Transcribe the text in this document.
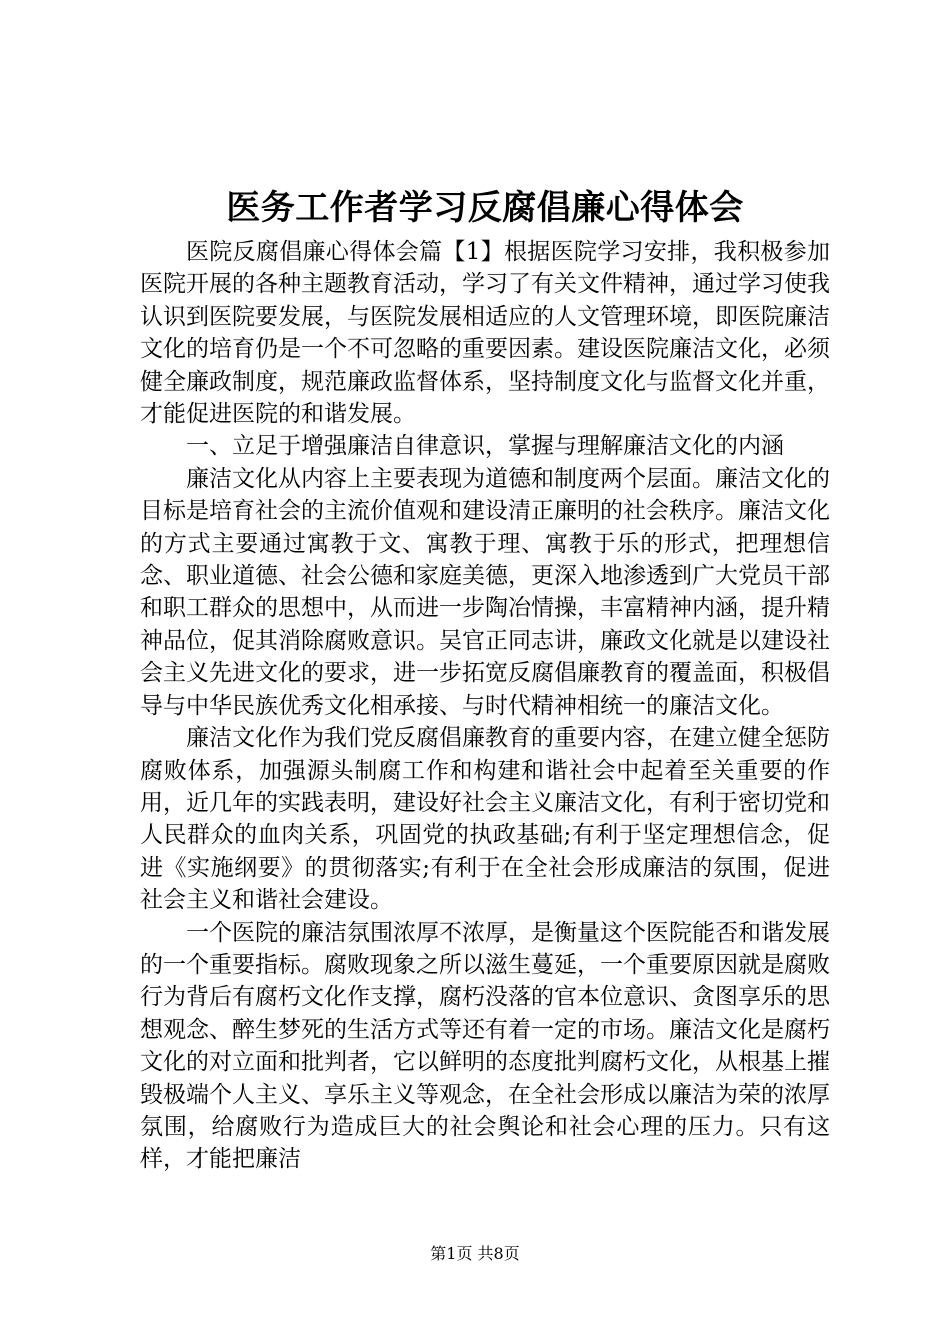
医务工作者学习反腐倡廉心得体会

医院反腐倡廉心得体会篇【1】根据医院学习安排，我积极参加医院开展的各种主题教育活动，学习了有关文件精神，通过学习使我认识到医院要发展，与医院发展相适应的人文管理环境，即医院廉洁文化的培育仍是一个不可忽略的重要因素。建设医院廉洁文化，必须健全廉政制度，规范廉政监督体系，坚持制度文化与监督文化并重，才能促进医院的和谐发展。

一、立足于增强廉洁自律意识，掌握与理解廉洁文化的内涵

廉洁文化从内容上主要表现为道德和制度两个层面。廉洁文化的目标是培育社会的主流价值观和建设清正廉明的社会秩序。廉洁文化的方式主要通过寓教于文、寓教于理、寓教于乐的形式，把理想信念、职业道德、社会公德和家庭美德，更深入地渗透到广大党员干部和职工群众的思想中，从而进一步陶冶情操，丰富精神内涵，提升精神品位，促其消除腐败意识。吴官正同志讲，廉政文化就是以建设社会主义先进文化的要求，进一步拓宽反腐倡廉教育的覆盖面，积极倡导与中华民族优秀文化相承接、与时代精神相统一的廉洁文化。

廉洁文化作为我们党反腐倡廉教育的重要内容，在建立健全惩防腐败体系，加强源头制腐工作和构建和谐社会中起着至关重要的作用，近几年的实践表明，建设好社会主义廉洁文化，有利于密切党和人民群众的血肉关系，巩固党的执政基础;有利于坚定理想信念，促进《实施纲要》的贯彻落实;有利于在全社会形成廉洁的氛围，促进社会主义和谐社会建设。

一个医院的廉洁氛围浓厚不浓厚，是衡量这个医院能否和谐发展的一个重要指标。腐败现象之所以滋生蔓延，一个重要原因就是腐败行为背后有腐朽文化作支撑，腐朽没落的官本位意识、贪图享乐的思想观念、醉生梦死的生活方式等还有着一定的市场。廉洁文化是腐朽文化的对立面和批判者，它以鲜明的态度批判腐朽文化，从根基上摧毁极端个人主义、享乐主义等观念，在全社会形成以廉洁为荣的浓厚氛围，给腐败行为造成巨大的社会舆论和社会心理的压力。只有这样，才能把廉洁

第1页 共8页
